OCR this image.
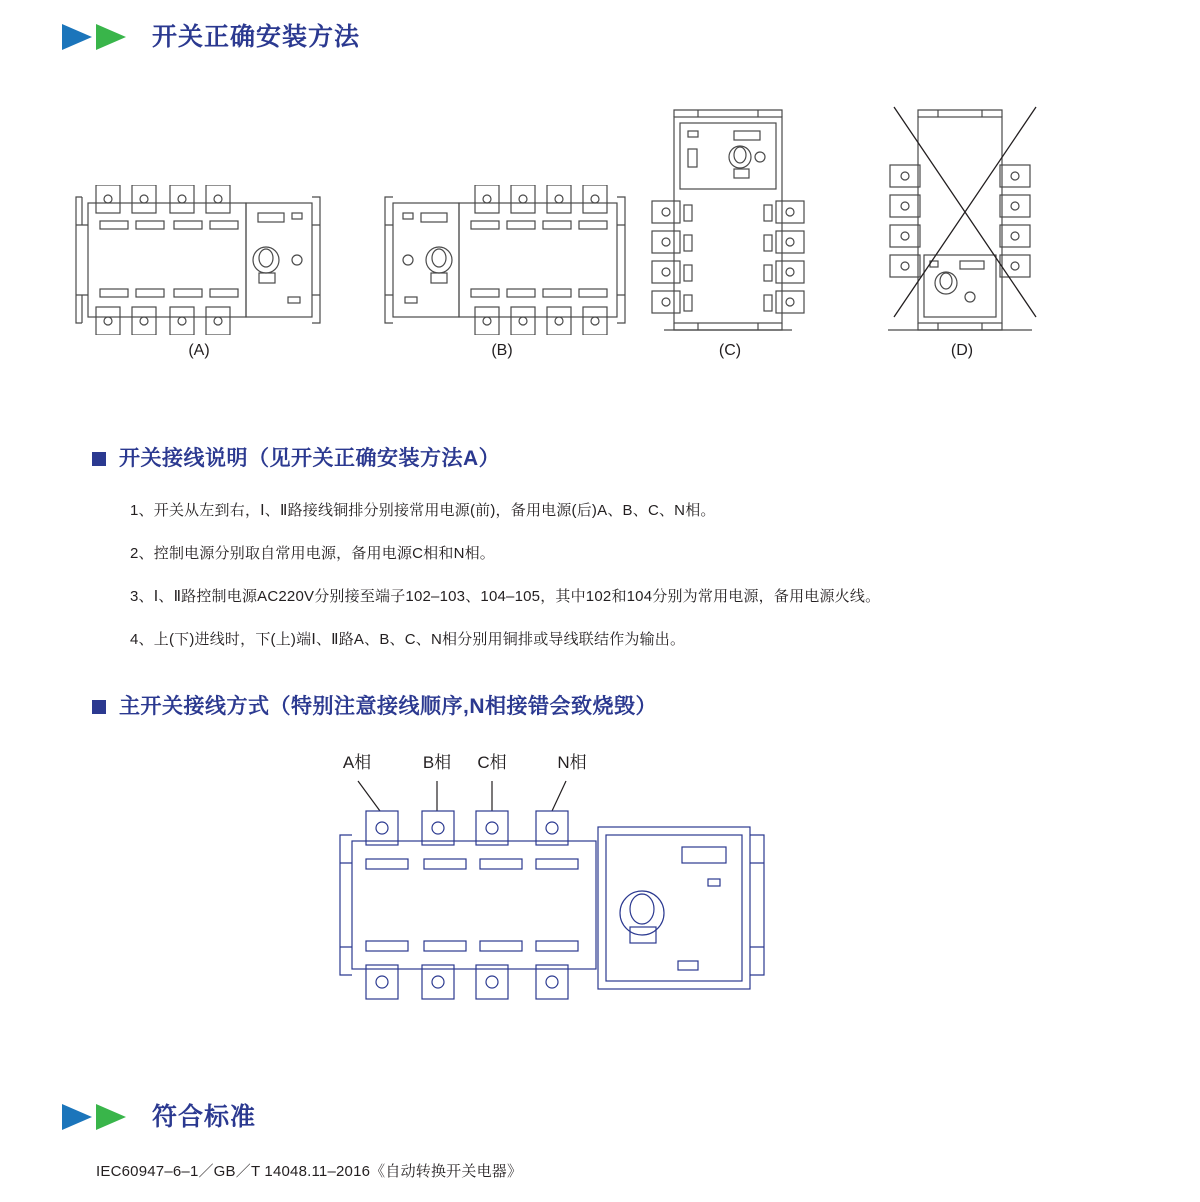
开关正确安装方法
(A)	(B)	(C)	(D)
开关接线说明（见开关正确安装方法A）
1、开关从左到右，Ⅰ、Ⅱ路接线铜排分别接常用电源(前)，备用电源(后)A、B、C、N相。
2、控制电源分别取自常用电源，备用电源C相和N相。
3、Ⅰ、Ⅱ路控制电源AC220V分别接至端子102–103、104–105，其中102和104分别为常用电源，备用电源火线。
4、上(下)进线时，下(上)端Ⅰ、Ⅱ路A、B、C、N相分别用铜排或导线联结作为输出。
主开关接线方式（特别注意接线顺序,N相接错会致烧毁）
A相	B相	C相	N相
符合标准
IEC60947–6–1／GB／T 14048.11–2016《自动转换开关电器》
